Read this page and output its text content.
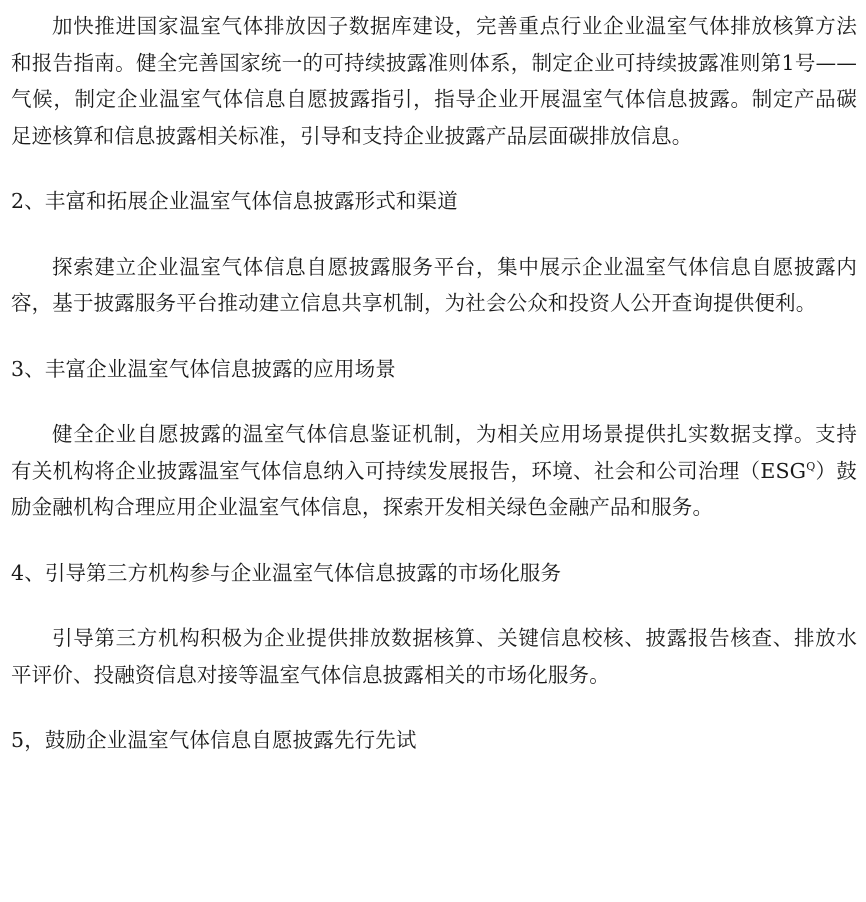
加快推进国家温室气体排放因子数据库建设，完善重点行业企业温室气体排放核算方法和报告指南。健全完善国家统一的可持续披露准则体系，制定企业可持续披露准则第1号——气候，制定企业温室气体信息自愿披露指引，指导企业开展温室气体信息披露。制定产品碳足迹核算和信息披露相关标准，引导和支持企业披露产品层面碳排放信息。

2、丰富和拓展企业温室气体信息披露形式和渠道

探索建立企业温室气体信息自愿披露服务平台，集中展示企业温室气体信息自愿披露内容，基于披露服务平台推动建立信息共享机制，为社会公众和投资人公开查询提供便利。

3、丰富企业温室气体信息披露的应用场景

健全企业自愿披露的温室气体信息鉴证机制，为相关应用场景提供扎实数据支撑。支持有关机构将企业披露温室气体信息纳入可持续发展报告，环境、社会和公司治理$(ESG^Q)$鼓励金融机构合理应用企业温室气体信息，探索开发相关绿色金融产品和服务。

4、引导第三方机构参与企业温室气体信息披露的市场化服务

引导第三方机构积极为企业提供排放数据核算、关键信息校核、披露报告核查、排放水平评价、投融资信息对接等温室气体信息披露相关的市场化服务。

5，鼓励企业温室气体信息自愿披露先行先试
